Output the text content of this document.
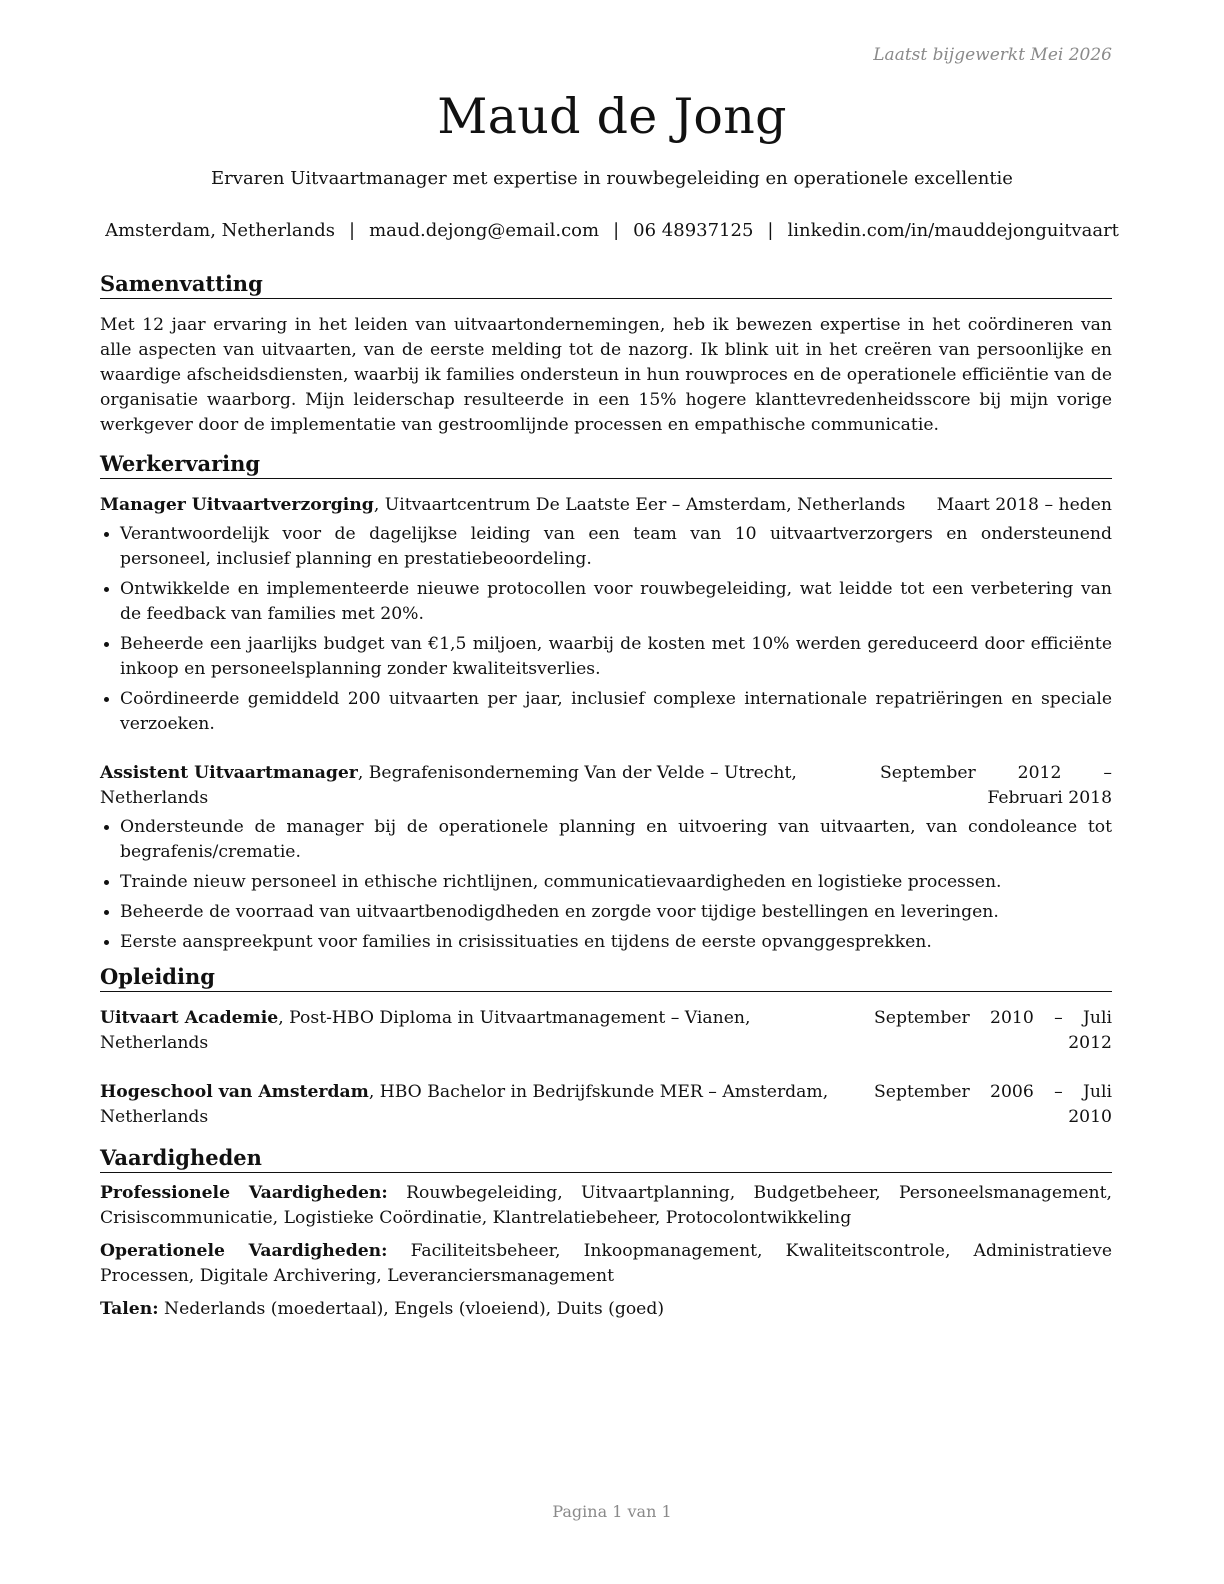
Laatst bijgewerkt Mei 2026
Maud de Jong
Ervaren Uitvaartmanager met expertise in rouwbegeleiding en operationele excellentie
Amsterdam, Netherlands | maud.dejong@email.com | 06 48937125 | linkedin.com/in/mauddejonguitvaart
Samenvatting

Met 12 jaar ervaring in het leiden van uitvaartondernemingen, heb ik bewezen expertise in het coördineren van alle aspecten van uitvaarten, van de eerste melding tot de nazorg. Ik blink uit in het creëren van persoonlijke en waardige afscheidsdiensten, waarbij ik families ondersteun in hun rouwproces en de operationele efficiëntie van de organisatie waarborg. Mijn leiderschap resulteerde in een 15% hogere klanttevredenheidsscore bij mijn vorige werkgever door de implementatie van gestroomlijnde processen en empathische communicatie.

Werkervaring
Manager Uitvaartverzorging, Uitvaartcentrum De Laatste Eer – Amsterdam, Netherlands	Maart 2018 – heden
• Verantwoordelijk voor de dagelijkse leiding van een team van 10 uitvaartverzorgers en ondersteunend personeel, inclusief planning en prestatiebeoordeling.
• Ontwikkelde en implementeerde nieuwe protocollen voor rouwbegeleiding, wat leidde tot een verbetering van de feedback van families met 20%.
• Beheerde een jaarlijks budget van €1,5 miljoen, waarbij de kosten met 10% werden gereduceerd door efficiënte inkoop en personeelsplanning zonder kwaliteitsverlies.
• Coördineerde gemiddeld 200 uitvaarten per jaar, inclusief complexe internationale repatriëringen en speciale verzoeken.
Assistent Uitvaartmanager, Begrafenisonderneming Van der Velde – Utrecht, Netherlands
September 2012 – Februari 2018
• Ondersteunde de manager bij de operationele planning en uitvoering van uitvaarten, van condoleance tot begrafenis/crematie.
• Trainde nieuw personeel in ethische richtlijnen, communicatievaardigheden en logistieke processen.
• Beheerde de voorraad van uitvaartbenodigdheden en zorgde voor tijdige bestellingen en leveringen.
• Eerste aanspreekpunt voor families in crisissituaties en tijdens de eerste opvanggesprekken.
Opleiding
Uitvaart Academie, Post-HBO Diploma in Uitvaartmanagement – Vianen, Netherlands
September 2010 – Juli 2012
Hogeschool van Amsterdam, HBO Bachelor in Bedrijfskunde MER – Amsterdam, Netherlands
September 2006 – Juli 2010
Vaardigheden

Professionele Vaardigheden: Rouwbegeleiding, Uitvaartplanning, Budgetbeheer, Personeelsmanagement, Crisiscommunicatie, Logistieke Coördinatie, Klantrelatiebeheer, Protocolontwikkeling

Operationele Vaardigheden: Faciliteitsbeheer, Inkoopmanagement, Kwaliteitscontrole, Administratieve Processen, Digitale Archivering, Leveranciersmanagement

Talen: Nederlands (moedertaal), Engels (vloeiend), Duits (goed)

Pagina 1 van 1
